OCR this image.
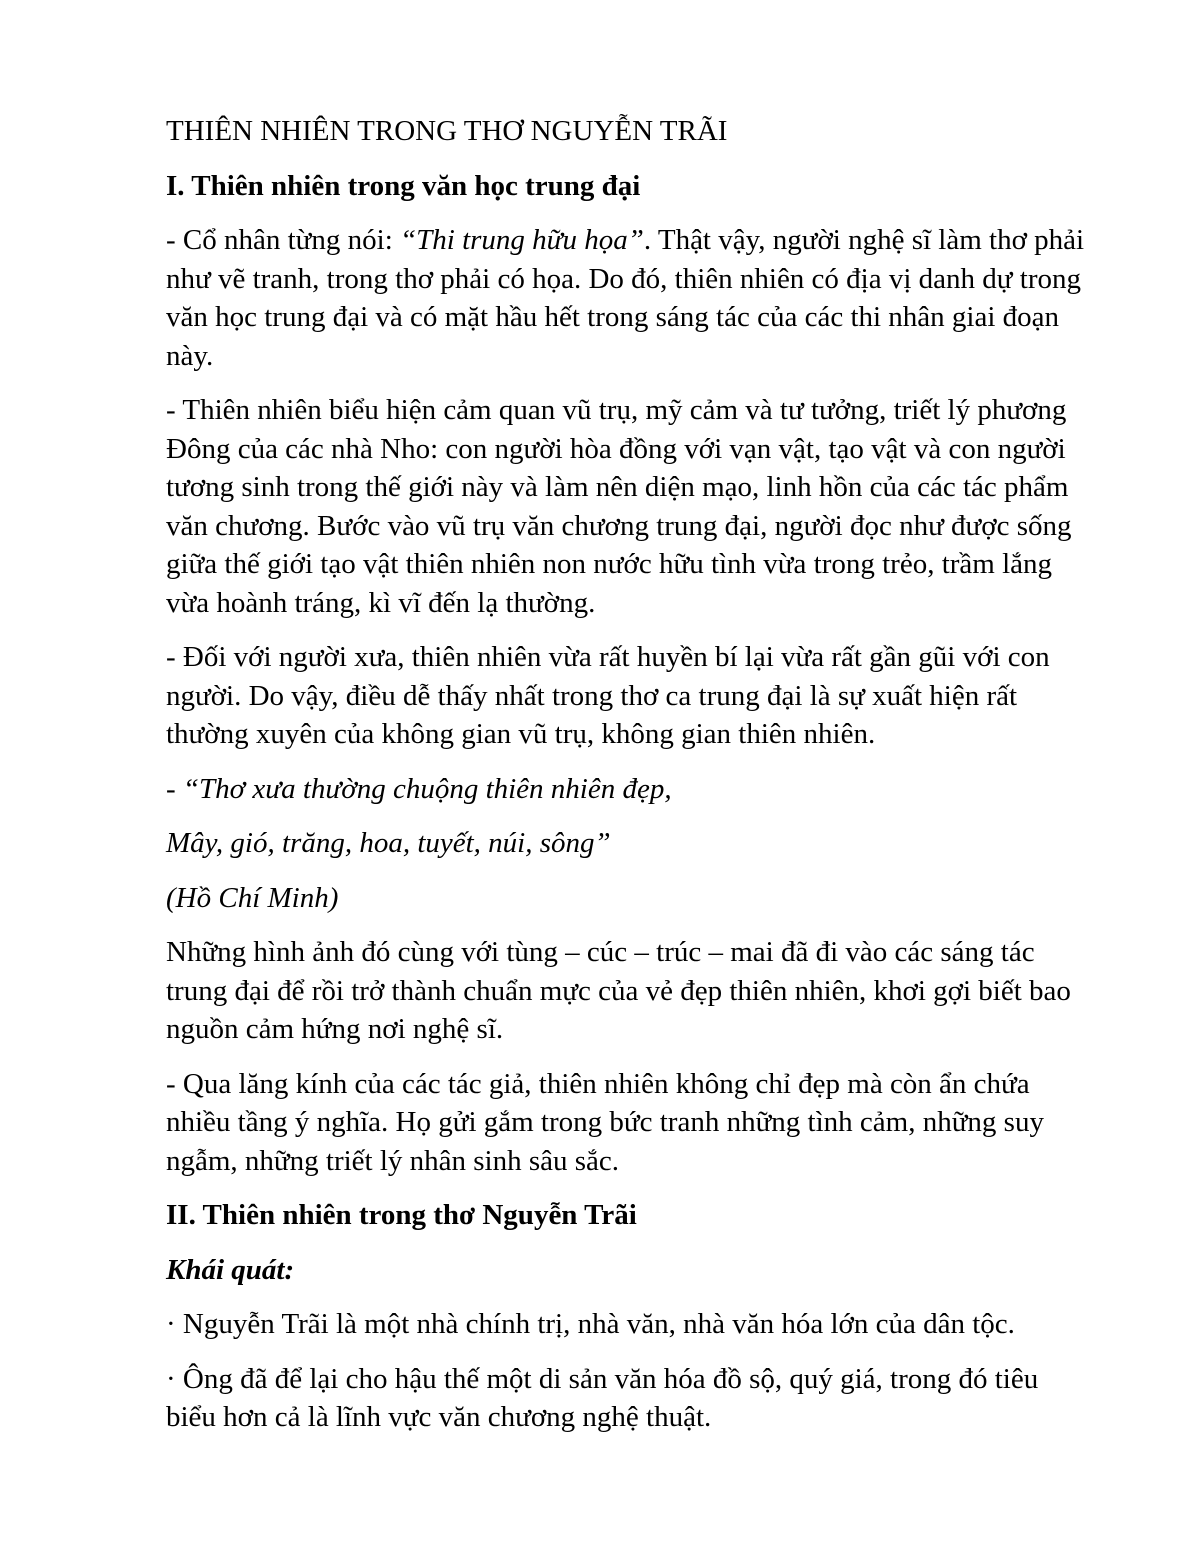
THIÊN NHIÊN TRONG THƠ NGUYỄN TRÃI
I. Thiên nhiên trong văn học trung đại

- Cổ nhân từng nói: “Thi trung hữu họa”. Thật vậy, người nghệ sĩ làm thơ phải như vẽ tranh, trong thơ phải có họa. Do đó, thiên nhiên có địa vị danh dự trong văn học trung đại và có mặt hầu hết trong sáng tác của các thi nhân giai đoạn này.

- Thiên nhiên biểu hiện cảm quan vũ trụ, mỹ cảm và tư tưởng, triết lý phương Đông của các nhà Nho: con người hòa đồng với vạn vật, tạo vật và con người tương sinh trong thế giới này và làm nên diện mạo, linh hồn của các tác phẩm văn chương. Bước vào vũ trụ văn chương trung đại, người đọc như được sống giữa thế giới tạo vật thiên nhiên non nước hữu tình vừa trong trẻo, trầm lắng vừa hoành tráng, kì vĩ đến lạ thường.

- Đối với người xưa, thiên nhiên vừa rất huyền bí lại vừa rất gần gũi với con người. Do vậy, điều dễ thấy nhất trong thơ ca trung đại là sự xuất hiện rất thường xuyên của không gian vũ trụ, không gian thiên nhiên.

- “Thơ xưa thường chuộng thiên nhiên đẹp,

Mây, gió, trăng, hoa, tuyết, núi, sông”

(Hồ Chí Minh)

Những hình ảnh đó cùng với tùng – cúc – trúc – mai đã đi vào các sáng tác trung đại để rồi trở thành chuẩn mực của vẻ đẹp thiên nhiên, khơi gợi biết bao nguồn cảm hứng nơi nghệ sĩ.

- Qua lăng kính của các tác giả, thiên nhiên không chỉ đẹp mà còn ẩn chứa nhiều tầng ý nghĩa. Họ gửi gắm trong bức tranh những tình cảm, những suy ngẫm, những triết lý nhân sinh sâu sắc.

II. Thiên nhiên trong thơ Nguyễn Trãi

Khái quát:

· Nguyễn Trãi là một nhà chính trị, nhà văn, nhà văn hóa lớn của dân tộc.

· Ông đã để lại cho hậu thế một di sản văn hóa đồ sộ, quý giá, trong đó tiêu biểu hơn cả là lĩnh vực văn chương nghệ thuật.
